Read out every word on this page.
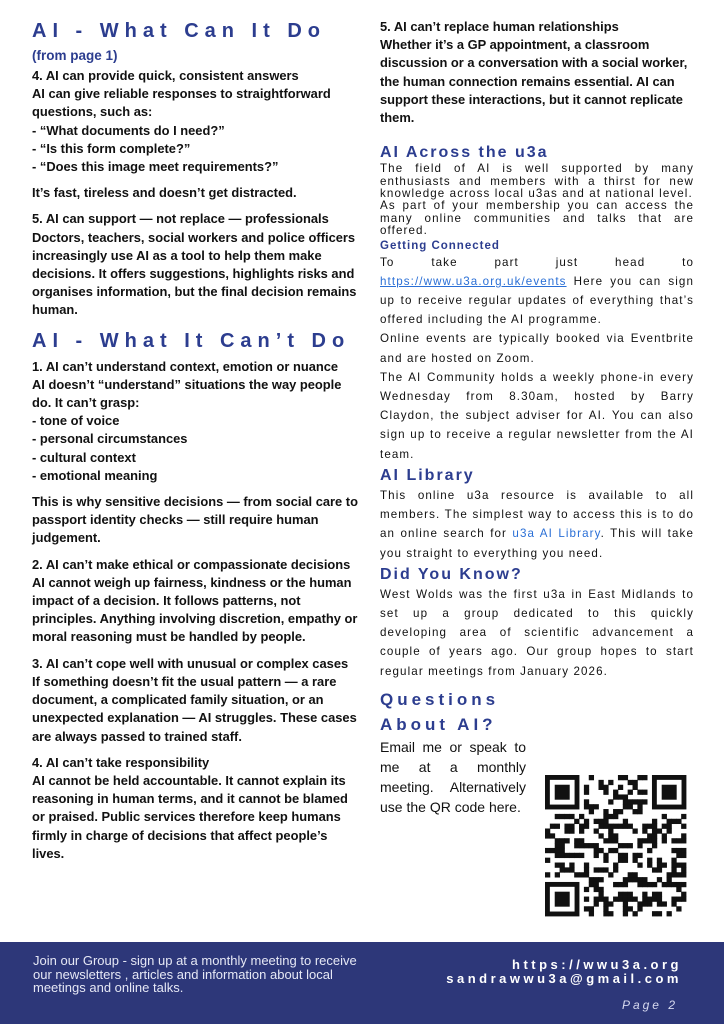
AI - What Can It Do
(from page 1)
4. AI can provide quick, consistent answers
AI can give reliable responses to straightforward questions, such as:
- “What documents do I need?”
- “Is this form complete?”
- “Does this image meet requirements?”
It’s fast, tireless and doesn’t get distracted.
5. AI can support — not replace — professionals
Doctors, teachers, social workers and police officers increasingly use AI as a tool to help them make decisions. It offers suggestions, highlights risks and organises information, but the final decision remains human.
AI - What It Can’t Do
1. AI can’t understand context, emotion or nuance
AI doesn’t “understand” situations the way people do. It can’t grasp:
- tone of voice
- personal circumstances
- cultural context
- emotional meaning
This is why sensitive decisions — from social care to passport identity checks — still require human judgement.
2. AI can’t make ethical or compassionate decisions
AI cannot weigh up fairness, kindness or the human impact of a decision. It follows patterns, not principles. Anything involving discretion, empathy or moral reasoning must be handled by people.
3. AI can’t cope well with unusual or complex cases
If something doesn’t fit the usual pattern — a rare document, a complicated family situation, or an unexpected explanation — AI struggles. These cases are always passed to trained staff.
4. AI can’t take responsibility
AI cannot be held accountable. It cannot explain its reasoning in human terms, and it cannot be blamed or praised. Public services therefore keep humans firmly in charge of decisions that affect people’s lives.
5. AI can’t replace human relationships
Whether it’s a GP appointment, a classroom discussion or a conversation with a social worker, the human connection remains essential. AI can support these interactions, but it cannot replicate them.
AI Across the u3a

The field of AI is well supported by many enthusiasts and members with a thirst for new knowledge across local u3as and at national level.

As part of your membership you can access the many online communities and talks that are offered.

Getting Connected

To take part just head to https://www.u3a.org.uk/events Here you can sign up to receive regular updates of everything that’s offered including the AI programme.

Online events are typically booked via Eventbrite and are hosted on Zoom.

The AI Community holds a weekly phone-in every Wednesday from 8.30am, hosted by Barry Claydon, the subject adviser for AI. You can also sign up to receive a regular newsletter from the AI team.

AI Library

This online u3a resource is available to all members. The simplest way to access this is to do an online search for u3a AI Library. This will take you straight to everything you need.

Did You Know?

West Wolds was the first u3a in East Midlands to set up a group dedicated to this quickly developing area of scientific advancement a couple of years ago. Our group hopes to start regular meetings from January 2026.

Questions
About AI?
Email me or speak to me at a monthly meeting. Alternatively use the QR code here.
Join our Group - sign up at a monthly meeting to receive our newsletters , articles and information about local meetings and online talks.
https://wwu3a.org
sandrawwu3a@gmail.com
Page 2
